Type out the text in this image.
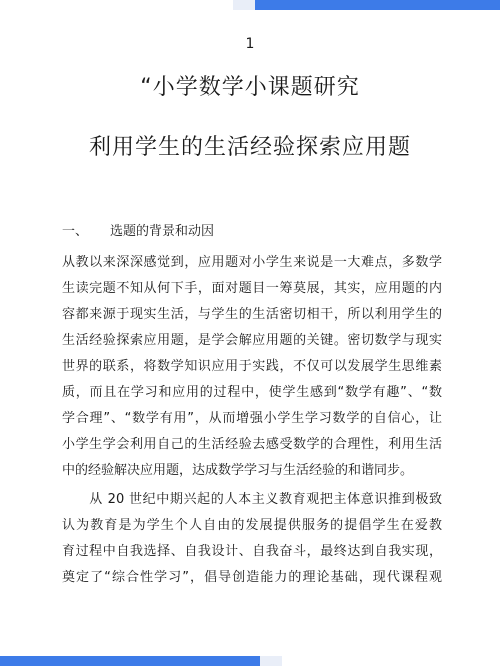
1
“小学数学小课题研究
利用学生的生活经验探索应用题
一、 选题的背景和动因
从教以来深深感觉到，应用题对小学生来说是一大难点，多数学
生读完题不知从何下手，面对题目一筹莫展，其实，应用题的内
容都来源于现实生活，与学生的生活密切相干，所以利用学生的
生活经验探索应用题，是学会解应用题的关键。密切数学与现实
世界的联系，将数学知识应用于实践，不仅可以发展学生思维素
质，而且在学习和应用的过程中，使学生感到“数学有趣”、“数
学合理”、“数学有用”，从而增强小学生学习数学的自信心，让
小学生学会利用自己的生活经验去感受数学的合理性，利用生活
中的经验解决应用题，达成数学学习与生活经验的和谐同步。
　　从 20 世纪中期兴起的人本主义教育观把主体意识推到极致
认为教育是为学生个人自由的发展提供服务的提倡学生在爱教
育过程中自我选择、自我设计、自我奋斗，最终达到自我实现，
奠定了“综合性学习”，倡导创造能力的理论基础，现代课程观
